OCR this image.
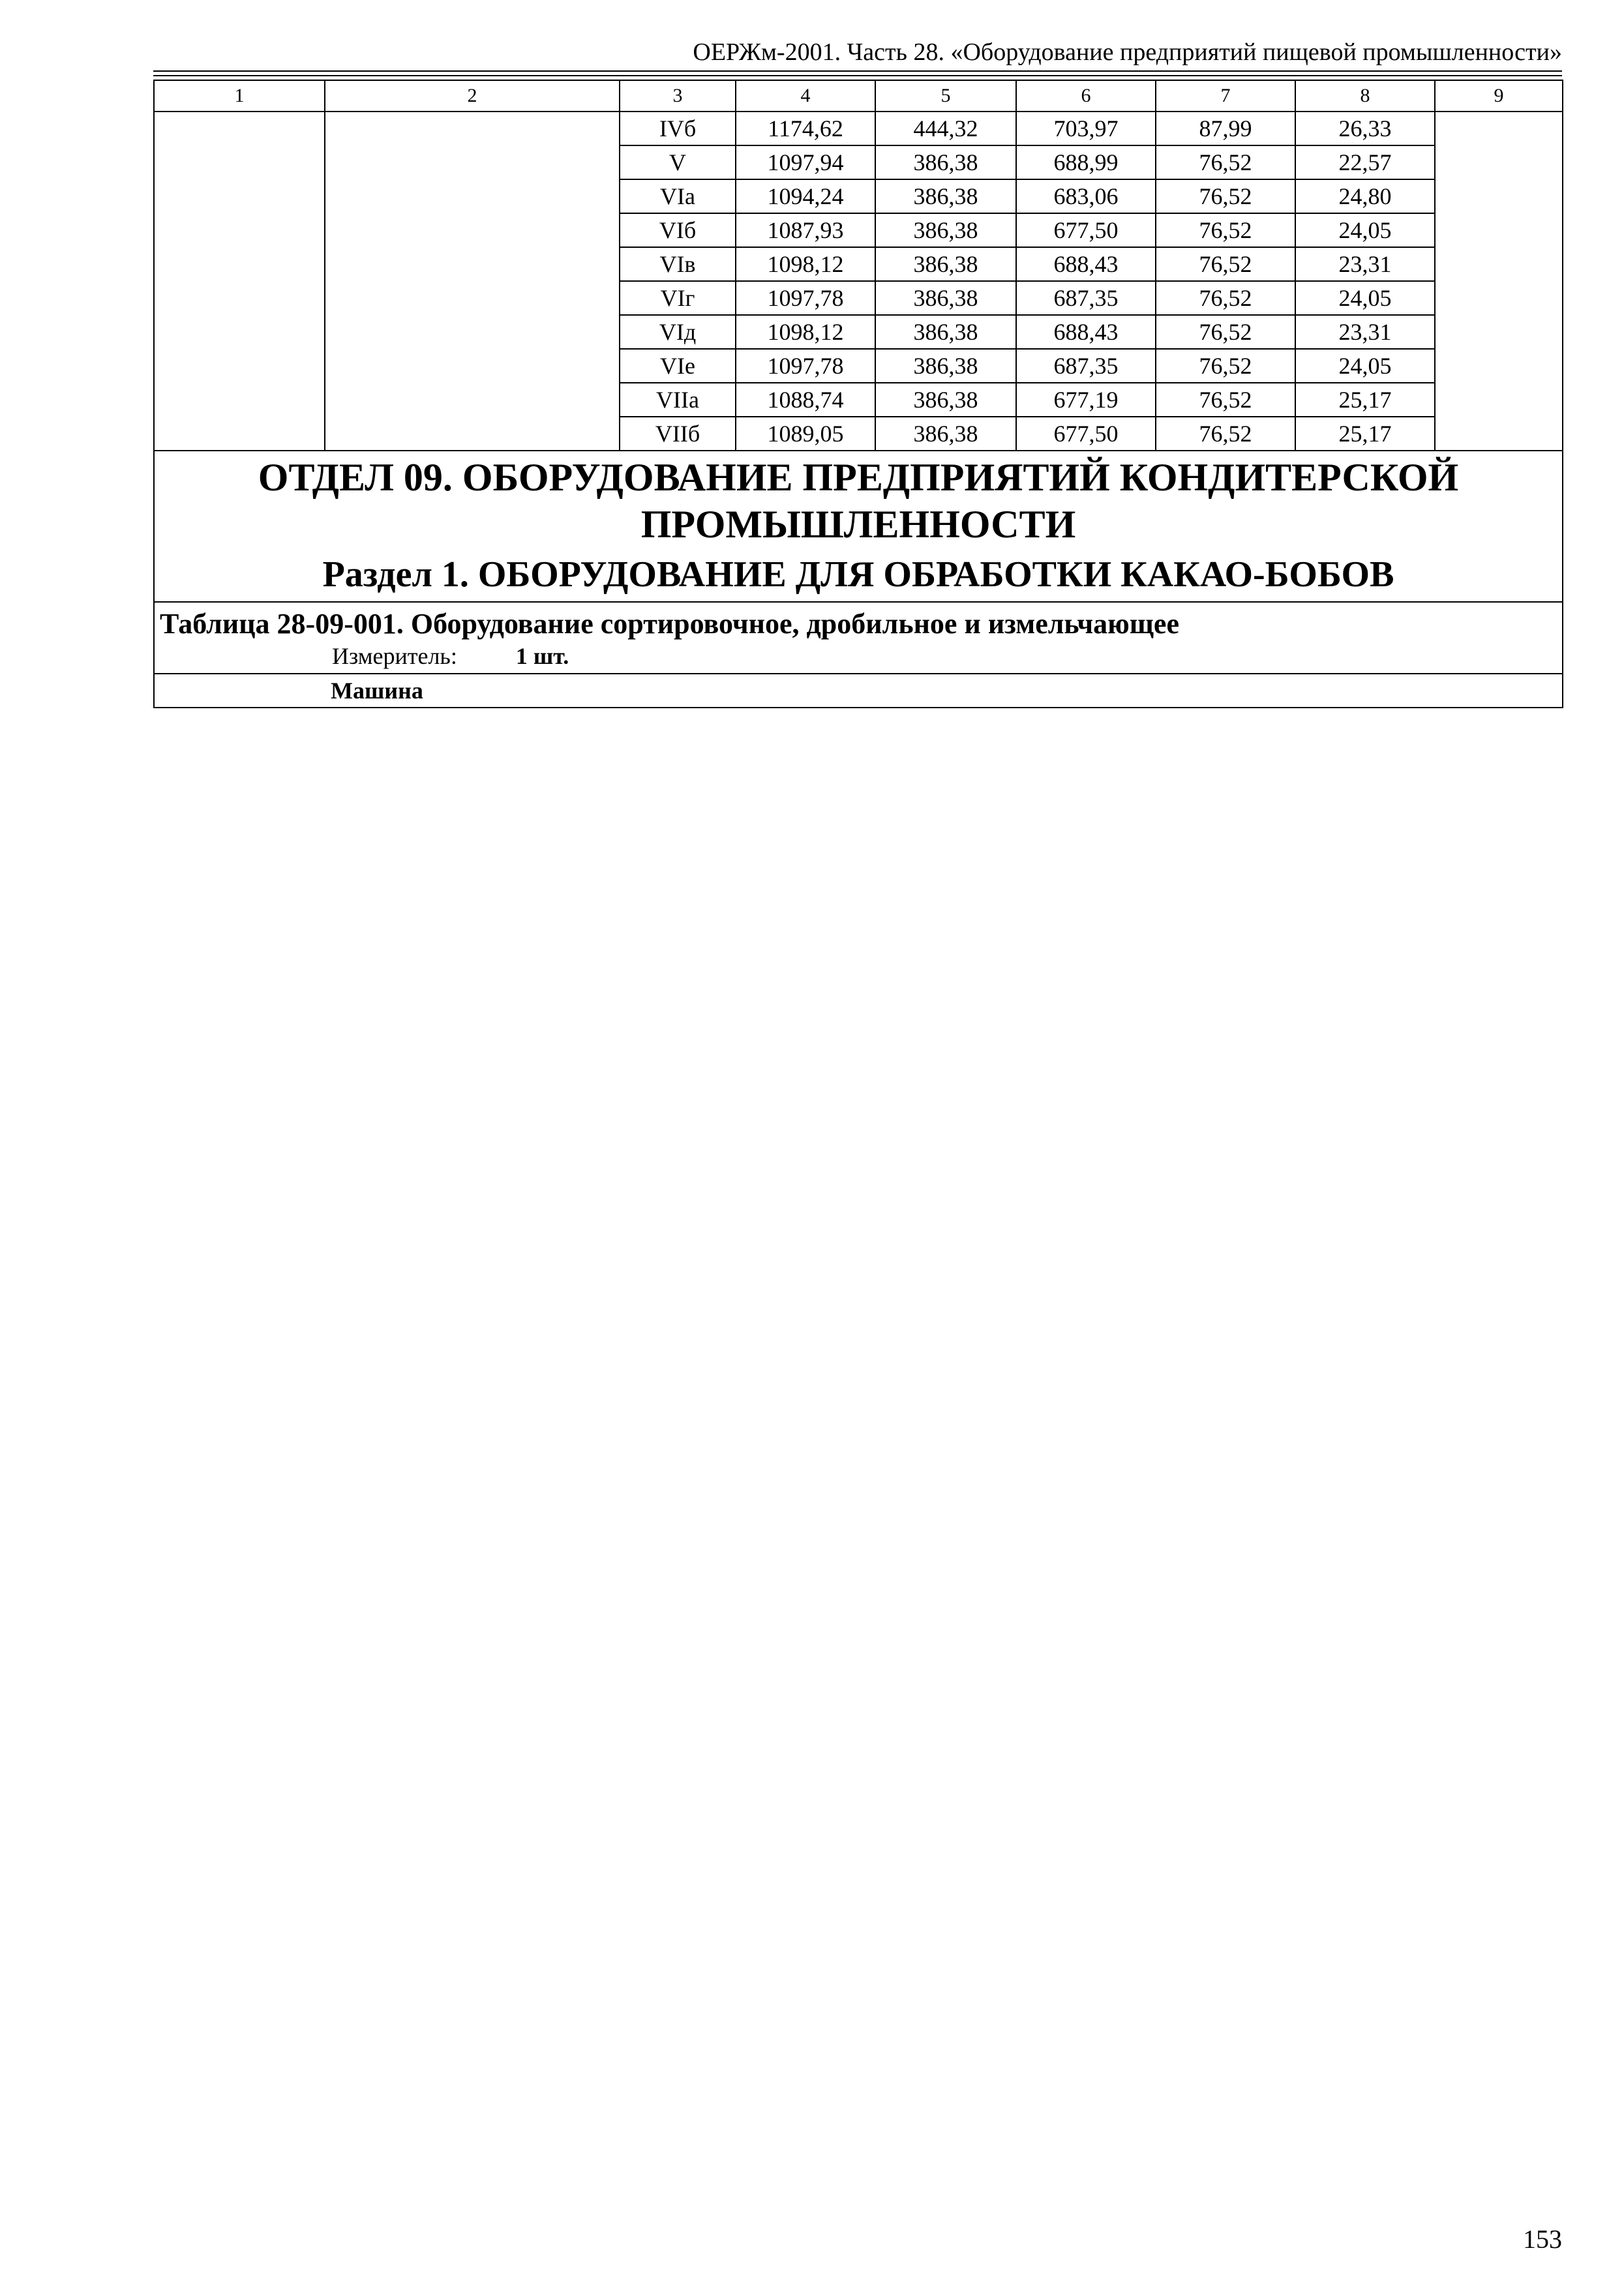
ОЕРЖм-2001. Часть 28. «Оборудование предприятий пищевой промышленности»
1	2	3	4	5	6	7	8	9
		IVб	1174,62	444,32	703,97	87,99	26,33	
		V	1097,94	386,38	688,99	76,52	22,57	
		VIa	1094,24	386,38	683,06	76,52	24,80	
		VIб	1087,93	386,38	677,50	76,52	24,05	
		VIв	1098,12	386,38	688,43	76,52	23,31	
		VIг	1097,78	386,38	687,35	76,52	24,05	
		VIд	1098,12	386,38	688,43	76,52	23,31	
		VIе	1097,78	386,38	687,35	76,52	24,05	
		VIIa	1088,74	386,38	677,19	76,52	25,17	
		VIIб	1089,05	386,38	677,50	76,52	25,17	

ОТДЕЛ 09. ОБОРУДОВАНИЕ ПРЕДПРИЯТИЙ КОНДИТЕРСКОЙ ПРОМЫШЛЕННОСТИ
Раздел 1. ОБОРУДОВАНИЕ ДЛЯ ОБРАБОТКИ КАКАО-БОБОВ								

Таблица 28-09-001. Оборудование сортировочное, дробильное и измельчающее
Измеритель: 1 шт.								

Машина								
153
